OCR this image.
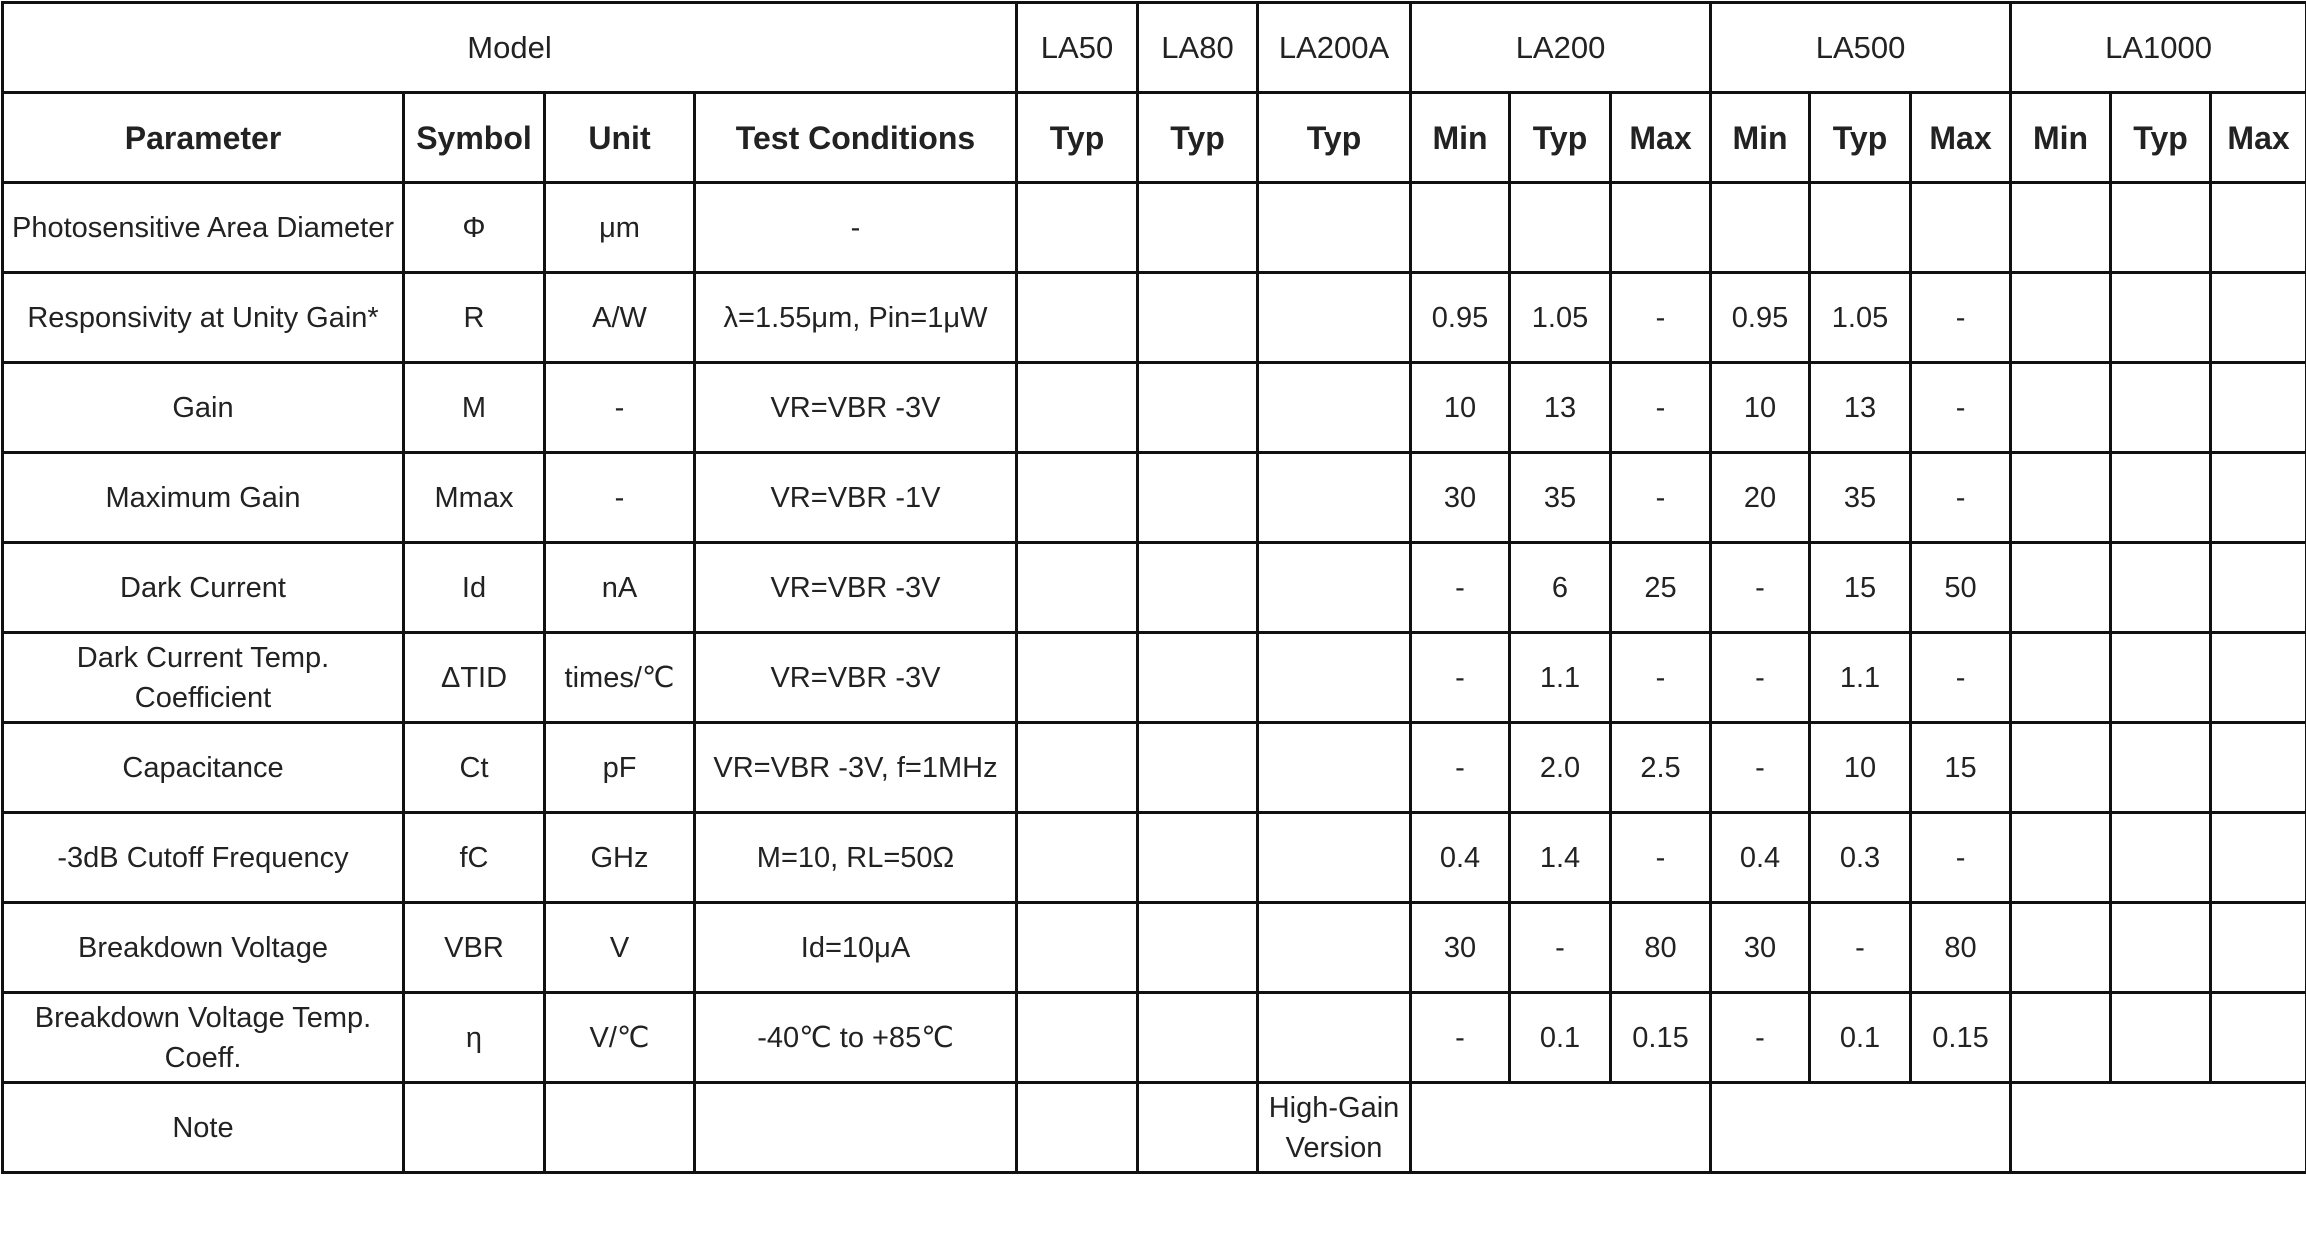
Model				LA50	LA80	LA200A	LA200			LA500			LA1000		
Parameter	Symbol	Unit	Test Conditions	Typ	Typ	Typ	Min	Typ	Max	Min	Typ	Max	Min	Typ	Max
Photosensitive Area Diameter	Φ	μm	-												
Responsivity at Unity Gain*	R	A/W	λ=1.55μm, Pin=1μW				0.95	1.05	-	0.95	1.05	-			
Gain	M	-	VR=VBR -3V				10	13	-	10	13	-			
Maximum Gain	Mmax	-	VR=VBR -1V				30	35	-	20	35	-			
Dark Current	Id	nA	VR=VBR -3V				-	6	25	-	15	50			
Dark Current Temp. Coefficient	ΔTID	times/℃	VR=VBR -3V				-	1.1	-	-	1.1	-			
Capacitance	Ct	pF	VR=VBR -3V, f=1MHz				-	2.0	2.5	-	10	15			
-3dB Cutoff Frequency	fC	GHz	M=10, RL=50Ω				0.4	1.4	-	0.4	0.3	-			
Breakdown Voltage	VBR	V	Id=10μA				30	-	80	30	-	80			
Breakdown Voltage Temp. Coeff.	η	V/℃	-40℃ to +85℃				-	0.1	0.15	-	0.1	0.15			
Note						High-Gain Version									
